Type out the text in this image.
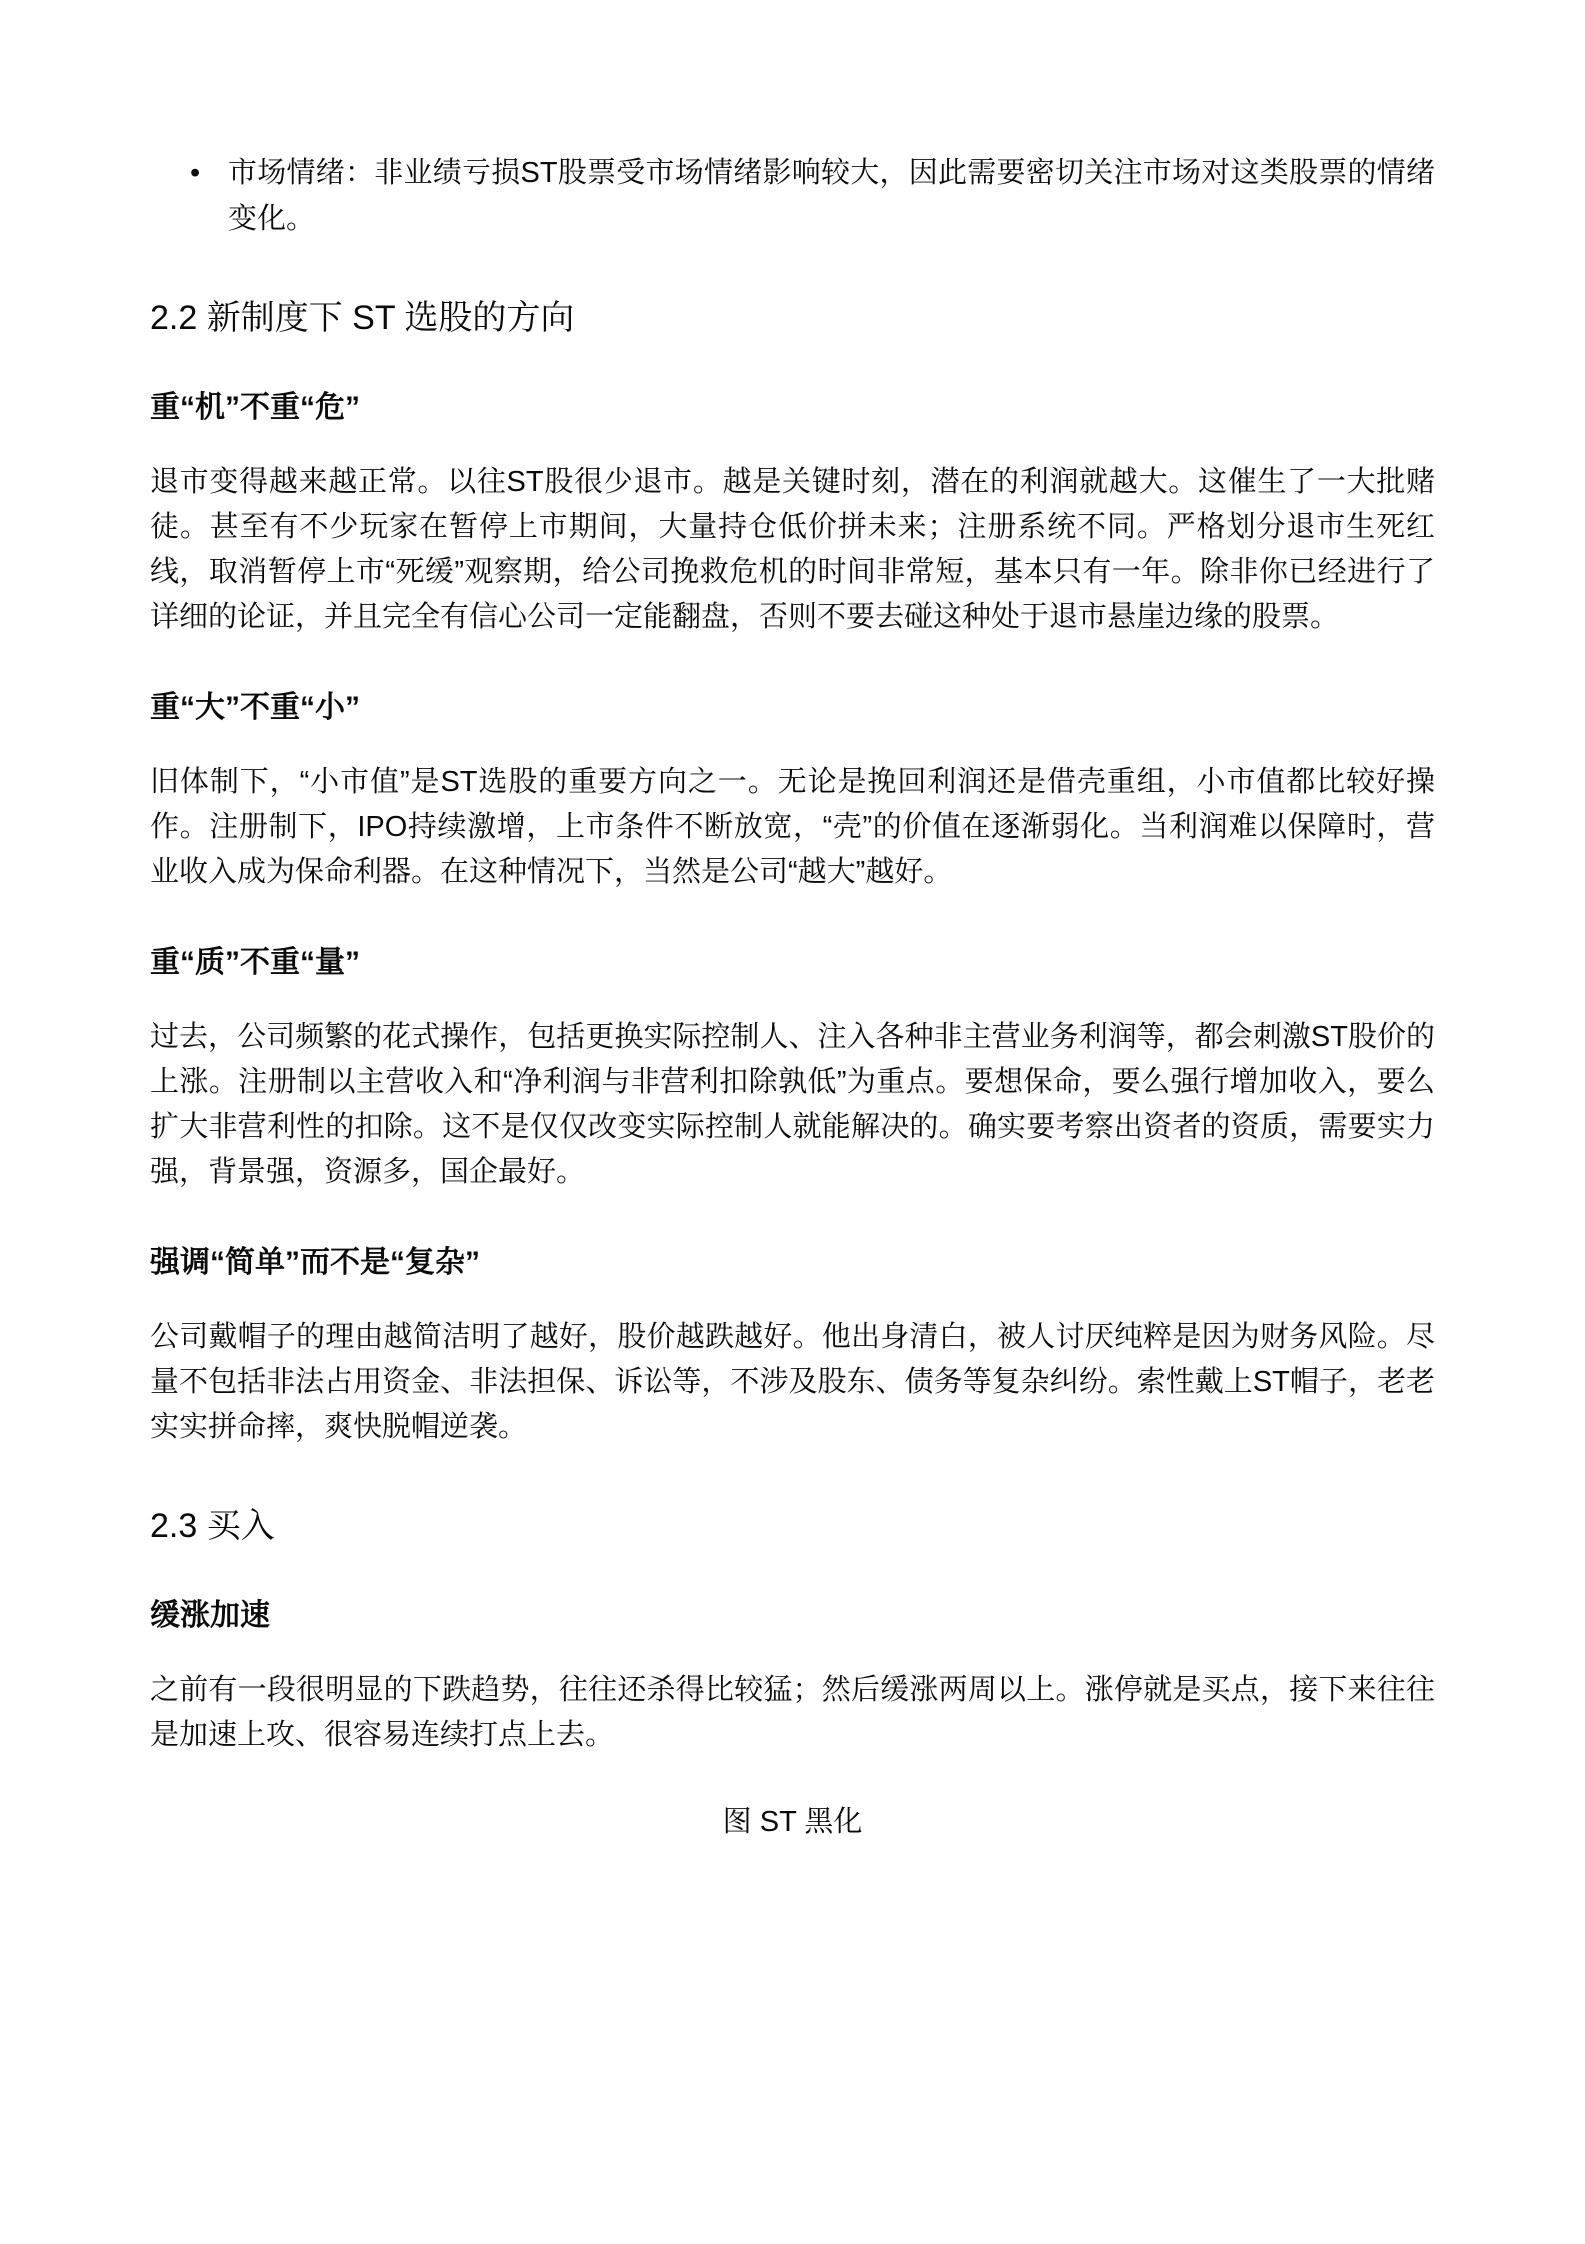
• 市场情绪：非业绩亏损ST股票受市场情绪影响较大，因此需要密切关注市场对这类股票的情绪变化。
2.2 新制度下 ST 选股的方向
重“机”不重“危”

退市变得越来越正常。以往ST股很少退市。越是关键时刻，潜在的利润就越大。这催生了一大批赌徒。甚至有不少玩家在暂停上市期间，大量持仓低价拼未来；注册系统不同。严格划分退市生死红线，取消暂停上市“死缓”观察期，给公司挽救危机的时间非常短，基本只有一年。除非你已经进行了详细的论证，并且完全有信心公司一定能翻盘，否则不要去碰这种处于退市悬崖边缘的股票。

重“大”不重“小”

旧体制下，“小市值”是ST选股的重要方向之一。无论是挽回利润还是借壳重组，小市值都比较好操作。注册制下，IPO持续激增，上市条件不断放宽，“壳”的价值在逐渐弱化。当利润难以保障时，营业收入成为保命利器。在这种情况下，当然是公司“越大”越好。

重“质”不重“量”

过去，公司频繁的花式操作，包括更换实际控制人、注入各种非主营业务利润等，都会刺激ST股价的上涨。注册制以主营收入和“净利润与非营利扣除孰低”为重点。要想保命，要么强行增加收入，要么扩大非营利性的扣除。这不是仅仅改变实际控制人就能解决的。确实要考察出资者的资质，需要实力强，背景强，资源多，国企最好。

强调“简单”而不是“复杂”

公司戴帽子的理由越简洁明了越好，股价越跌越好。他出身清白，被人讨厌纯粹是因为财务风险。尽量不包括非法占用资金、非法担保、诉讼等，不涉及股东、债务等复杂纠纷。索性戴上ST帽子，老老实实拼命摔，爽快脱帽逆袭。

2.3 买入
缓涨加速

之前有一段很明显的下跌趋势，往往还杀得比较猛；然后缓涨两周以上。涨停就是买点，接下来往往是加速上攻、很容易连续打点上去。

图 ST 黑化
